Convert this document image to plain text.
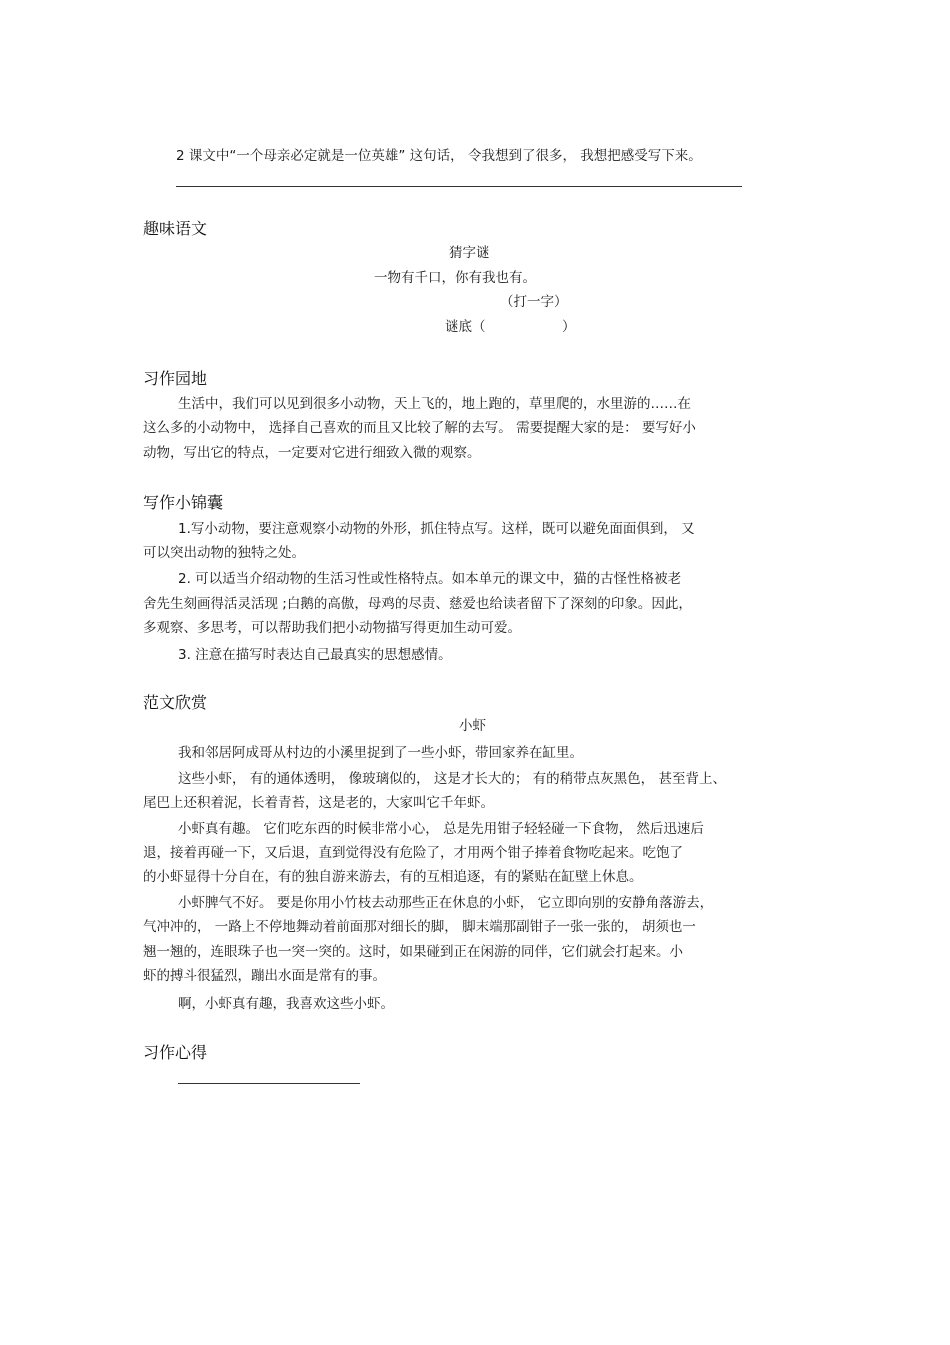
2 课文中“一个母亲必定就是一位英雄” 这句话， 令我想到了很多， 我想把感受写下来。
趣味语文
猜字谜
一物有千口，你有我也有。
（打一字）
谜底（	）
习作园地
生活中，我们可以见到很多小动物，天上飞的，地上跑的，草里爬的，水里游的……在
这么多的小动物中， 选择自己喜欢的而且又比较了解的去写。 需要提醒大家的是： 要写好小
动物，写出它的特点，一定要对它进行细致入微的观察。
写作小锦囊
1.写小动物，要注意观察小动物的外形，抓住特点写。这样，既可以避免面面俱到， 又
可以突出动物的独特之处。
2. 可以适当介绍动物的生活习性或性格特点。如本单元的课文中，猫的古怪性格被老
舍先生刻画得活灵活现 ;白鹅的高傲，母鸡的尽责、慈爱也给读者留下了深刻的印象。因此，
多观察、多思考，可以帮助我们把小动物描写得更加生动可爱。
3. 注意在描写时表达自己最真实的思想感情。
范文欣赏
小虾
我和邻居阿成哥从村边的小溪里捉到了一些小虾，带回家养在缸里。
这些小虾， 有的通体透明， 像玻璃似的， 这是才长大的； 有的稍带点灰黑色， 甚至背上、
尾巴上还积着泥，长着青苔，这是老的，大家叫它千年虾。
小虾真有趣。 它们吃东西的时候非常小心， 总是先用钳子轻轻碰一下食物， 然后迅速后
退，接着再碰一下，又后退，直到觉得没有危险了，才用两个钳子捧着食物吃起来。吃饱了
的小虾显得十分自在，有的独自游来游去，有的互相追逐，有的紧贴在缸壁上休息。
小虾脾气不好。 要是你用小竹枝去动那些正在休息的小虾， 它立即向别的安静角落游去，
气冲冲的， 一路上不停地舞动着前面那对细长的脚， 脚末端那副钳子一张一张的， 胡须也一
翘一翘的，连眼珠子也一突一突的。这时，如果碰到正在闲游的同伴，它们就会打起来。小
虾的搏斗很猛烈，蹦出水面是常有的事。
啊，小虾真有趣，我喜欢这些小虾。
习作心得
